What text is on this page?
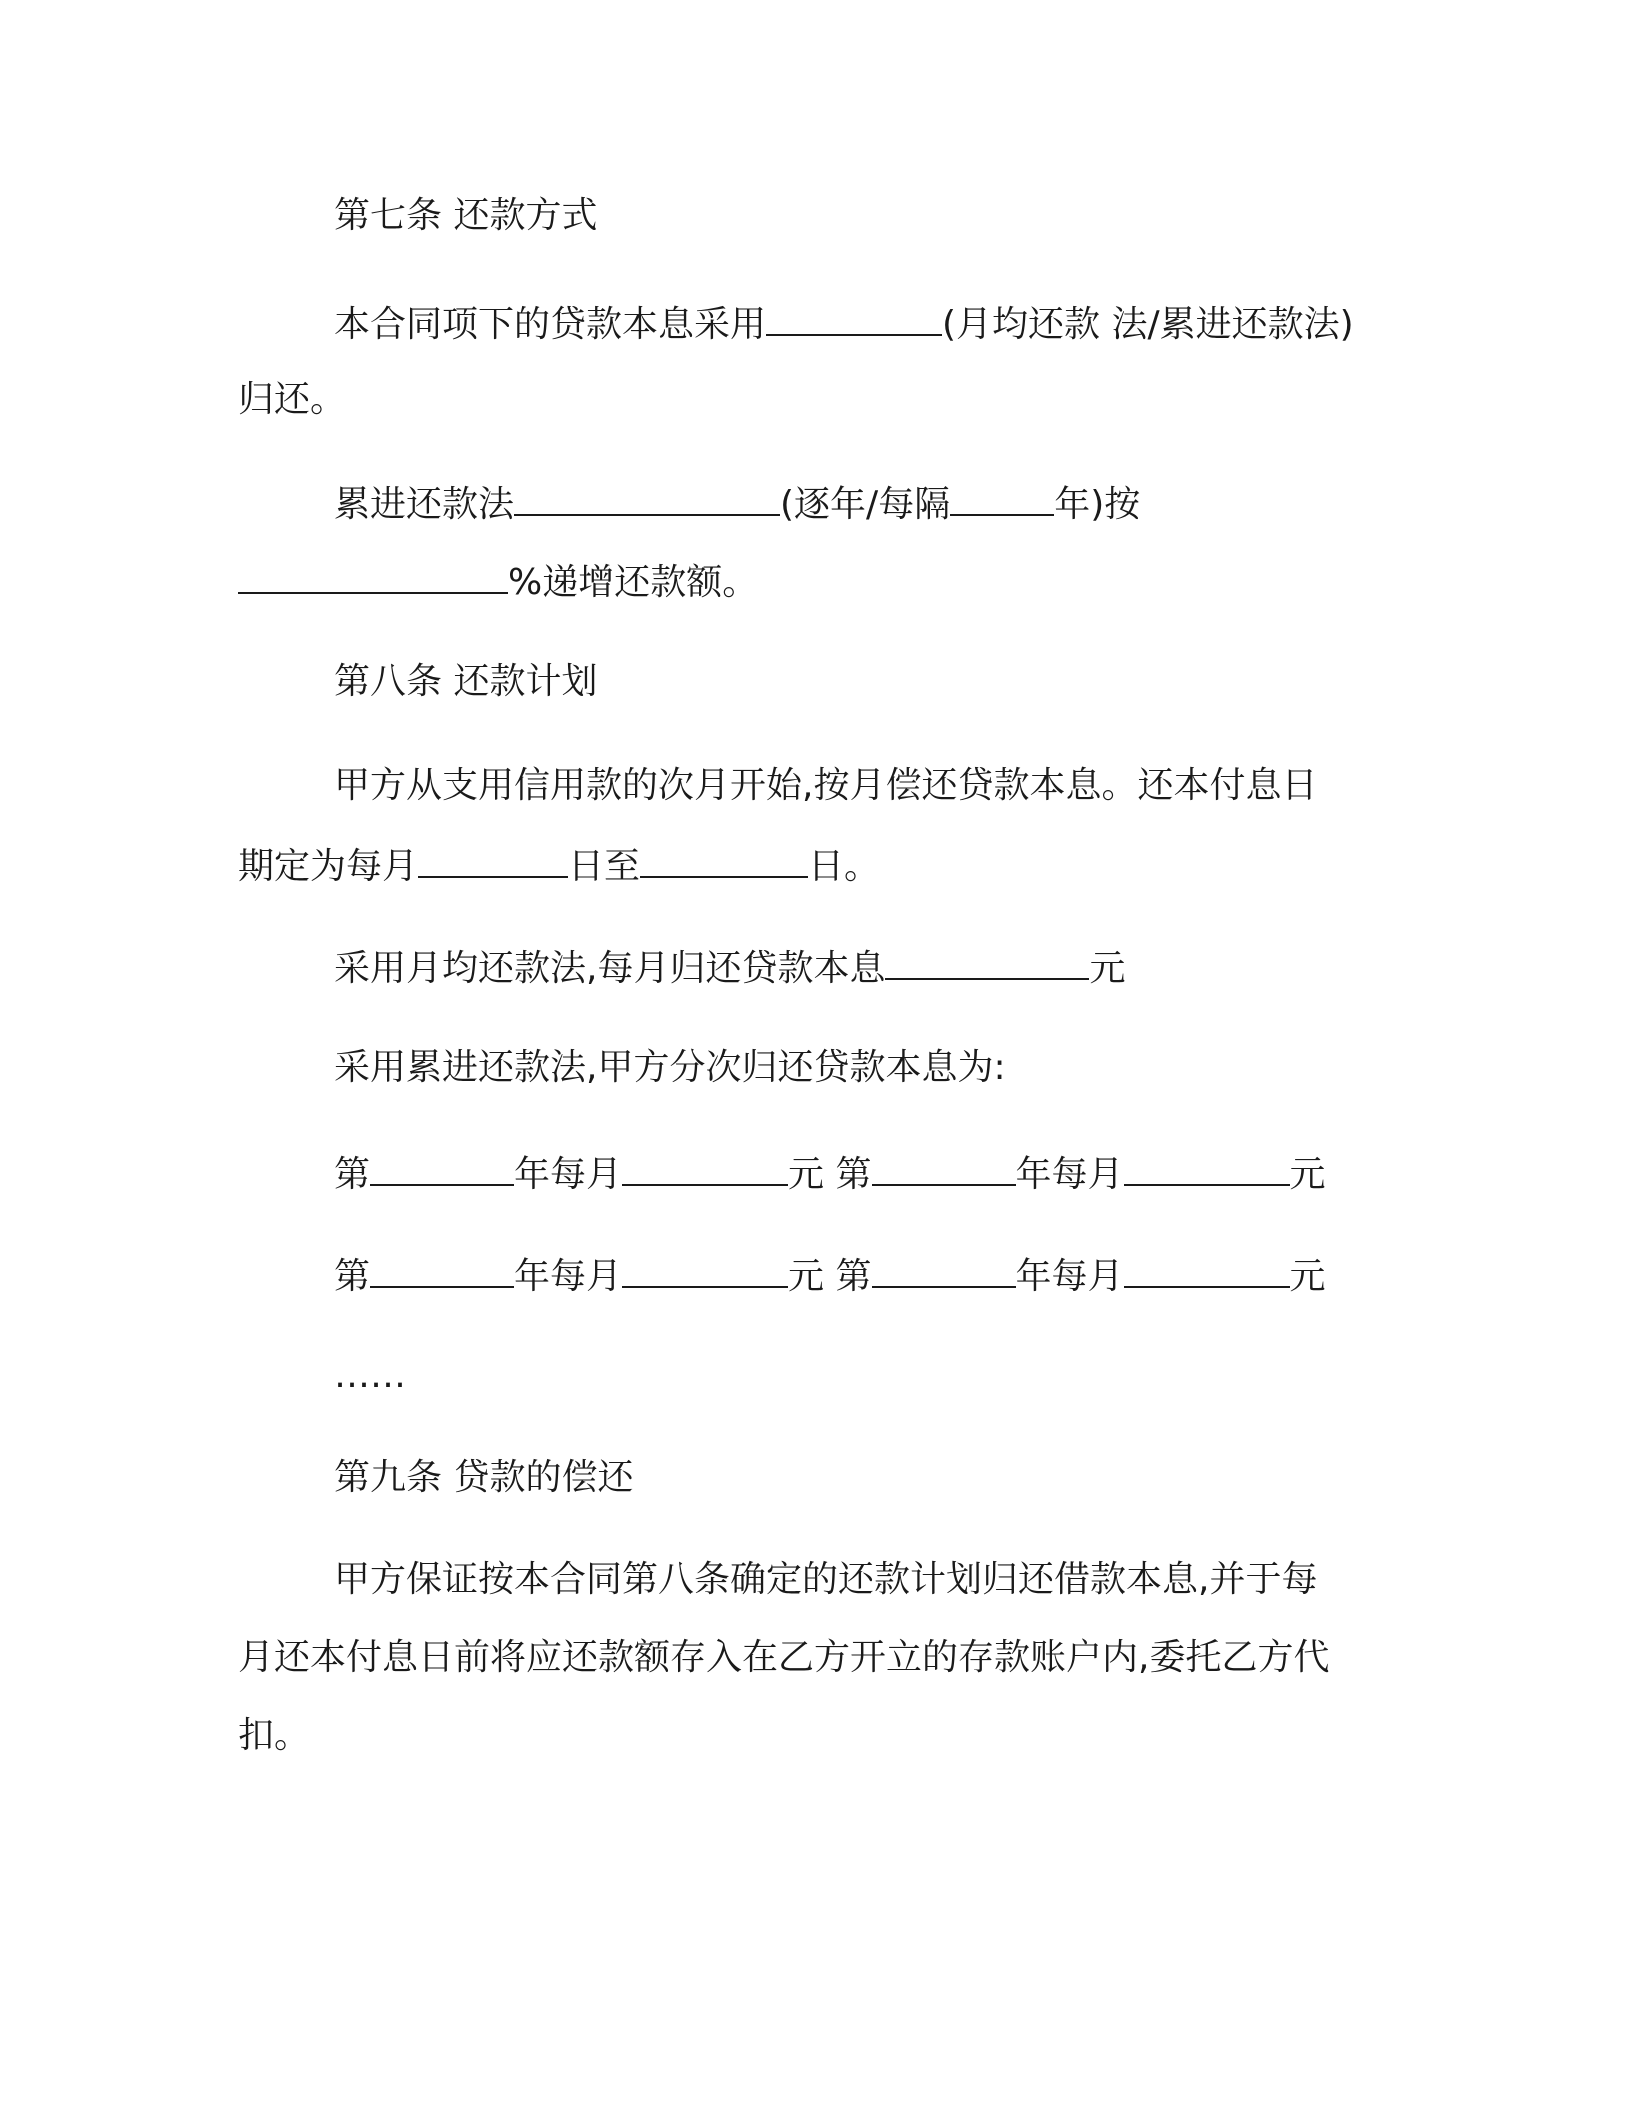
第七条 还款方式
本合同项下的贷款本息采用	(月均还款 法/累进还款法)
归还。
累进还款法	(逐年/每隔	年)按
%递增还款额。
第八条 还款计划
甲方从支用信用款的次月开始,按月偿还贷款本息。还本付息日
期定为每月	日至	日。
采用月均还款法,每月归还贷款本息	元
采用累进还款法,甲方分次归还贷款本息为:
第	年每月	元 第	年每月	元
第	年每月	元 第	年每月	元
……
第九条 贷款的偿还
甲方保证按本合同第八条确定的还款计划归还借款本息,并于每
月还本付息日前将应还款额存入在乙方开立的存款账户内,委托乙方代
扣。
